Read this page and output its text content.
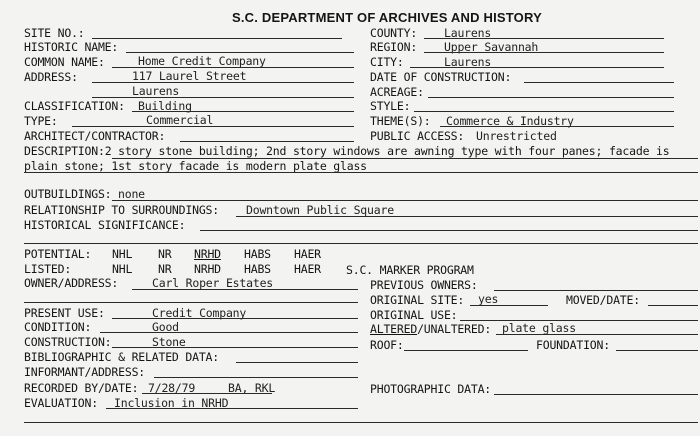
S.C. DEPARTMENT OF ARCHIVES AND HISTORY
SITE NO.:
HISTORIC NAME:
COMMON NAME:	Home Credit Company
ADDRESS:	117 Laurel Street
Laurens
CLASSIFICATION: Building
TYPE:	Commercial
ARCHITECT/CONTRACTOR:
COUNTY: Laurens
REGION: Upper Savannah
CITY:	Laurens
DATE OF CONSTRUCTION:
ACREAGE:
STYLE:
THEME(S): Commerce & Industry
PUBLIC ACCESS: Unrestricted
DESCRIPTION:2 story stone building; 2nd story windows are awning type with four panes; facade is plain stone; 1st story facade is modern plate glass
OUTBUILDINGS: none
RELATIONSHIP TO SURROUNDINGS: Downtown Public Square
HISTORICAL SIGNIFICANCE:
POTENTIAL: NHL NR NRHD HABS HAER
LISTED:	NHL NR NRHD HABS HAER S.C. MARKER PROGRAM
OWNER/ADDRESS:	Carl Roper Estates	PREVIOUS OWNERS:
ORIGINAL SITE: yes	MOVED/DATE:
ORIGINAL USE:
ALTERED/UNALTERED: plate glass
ROOF:	FOUNDATION:
PHOTOGRAPHIC DATA:
PRESENT USE:	Credit Company
CONDITION:	Good
CONSTRUCTION:	Stone
BIBLIOGRAPHIC & RELATED DATA:
INFORMANT/ADDRESS:
RECORDED BY/DATE: 7/28/79	BA, RKL
EVALUATION: Inclusion in NRHD
